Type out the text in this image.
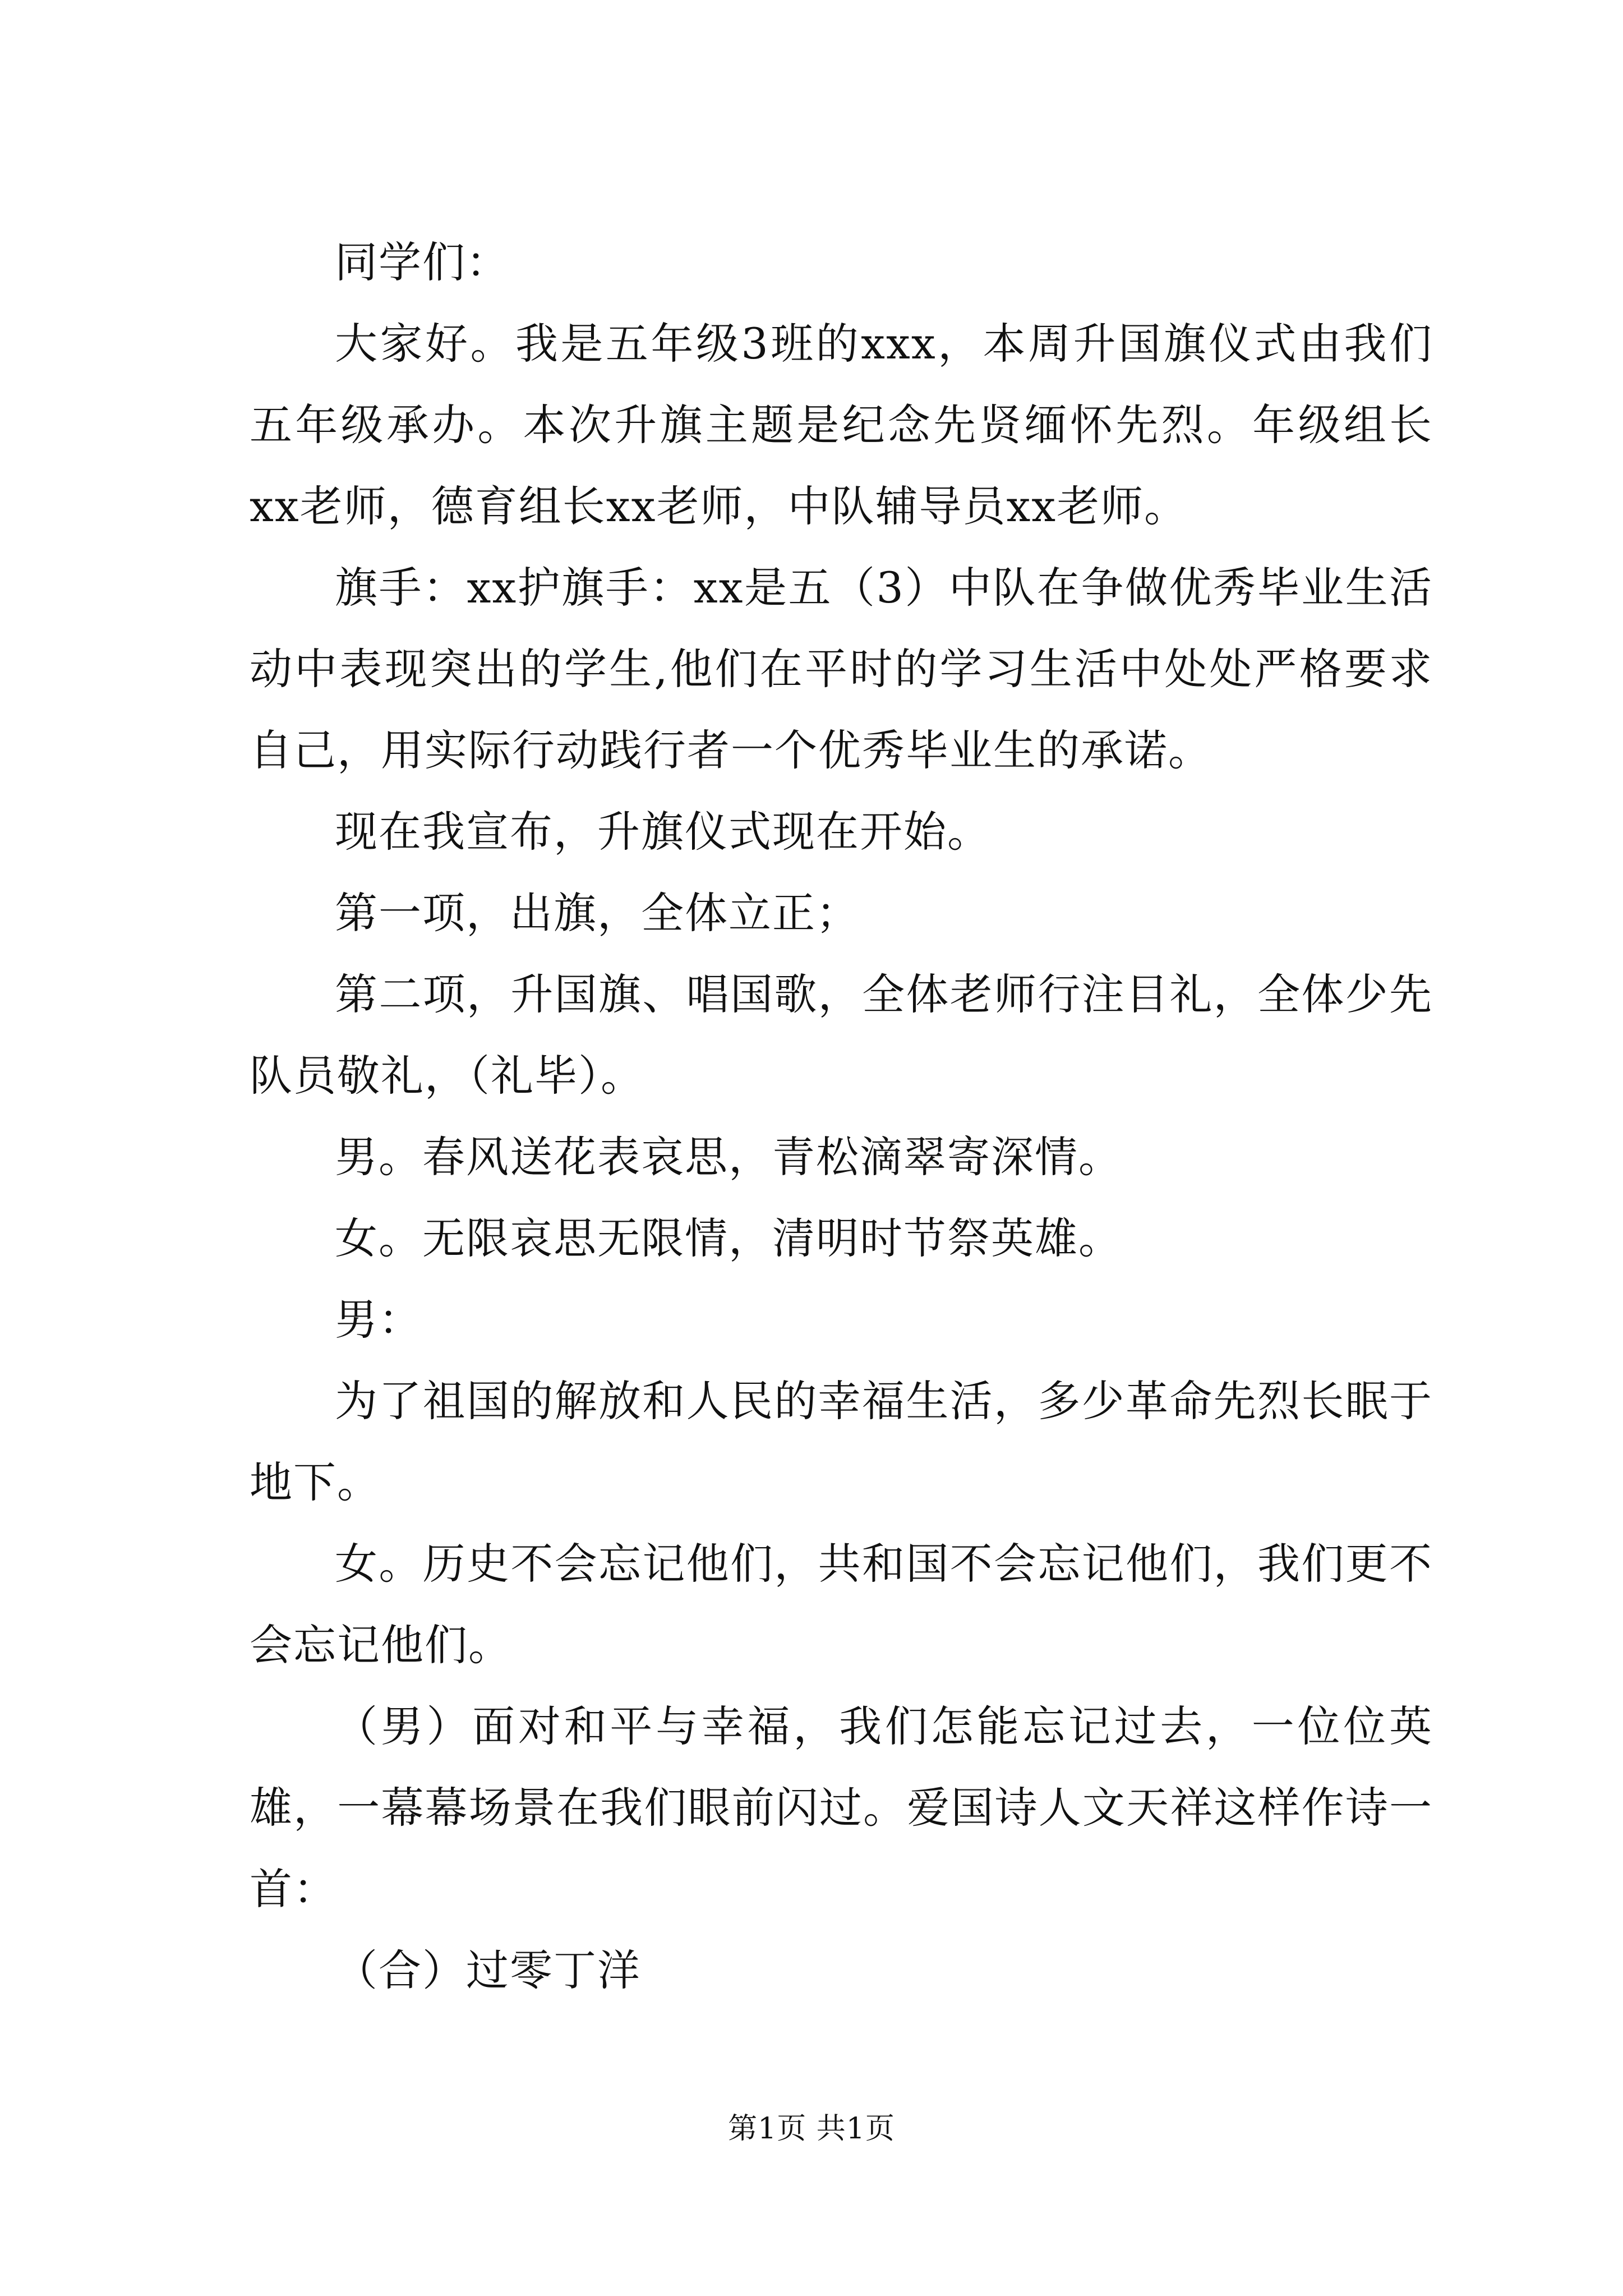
同学们：

大家好。我是五年级3班的xxx，本周升国旗仪式由我们五年级承办。本次升旗主题是纪念先贤缅怀先烈。年级组长xx老师，德育组长xx老师，中队辅导员xx老师。

旗手：xx护旗手：xx是五（3）中队在争做优秀毕业生活动中表现突出的学生,他们在平时的学习生活中处处严格要求自己，用实际行动践行者一个优秀毕业生的承诺。

现在我宣布，升旗仪式现在开始。

第一项，出旗，全体立正；

第二项，升国旗、唱国歌，全体老师行注目礼，全体少先队员敬礼，（礼毕）。

男。春风送花表哀思，青松滴翠寄深情。

女。无限哀思无限情，清明时节祭英雄。

男：

为了祖国的解放和人民的幸福生活，多少革命先烈长眠于地下。

女。历史不会忘记他们，共和国不会忘记他们，我们更不会忘记他们。

（男）面对和平与幸福，我们怎能忘记过去，一位位英雄，一幕幕场景在我们眼前闪过。爱国诗人文天祥这样作诗一首：

（合）过零丁洋

第1页 共1页
